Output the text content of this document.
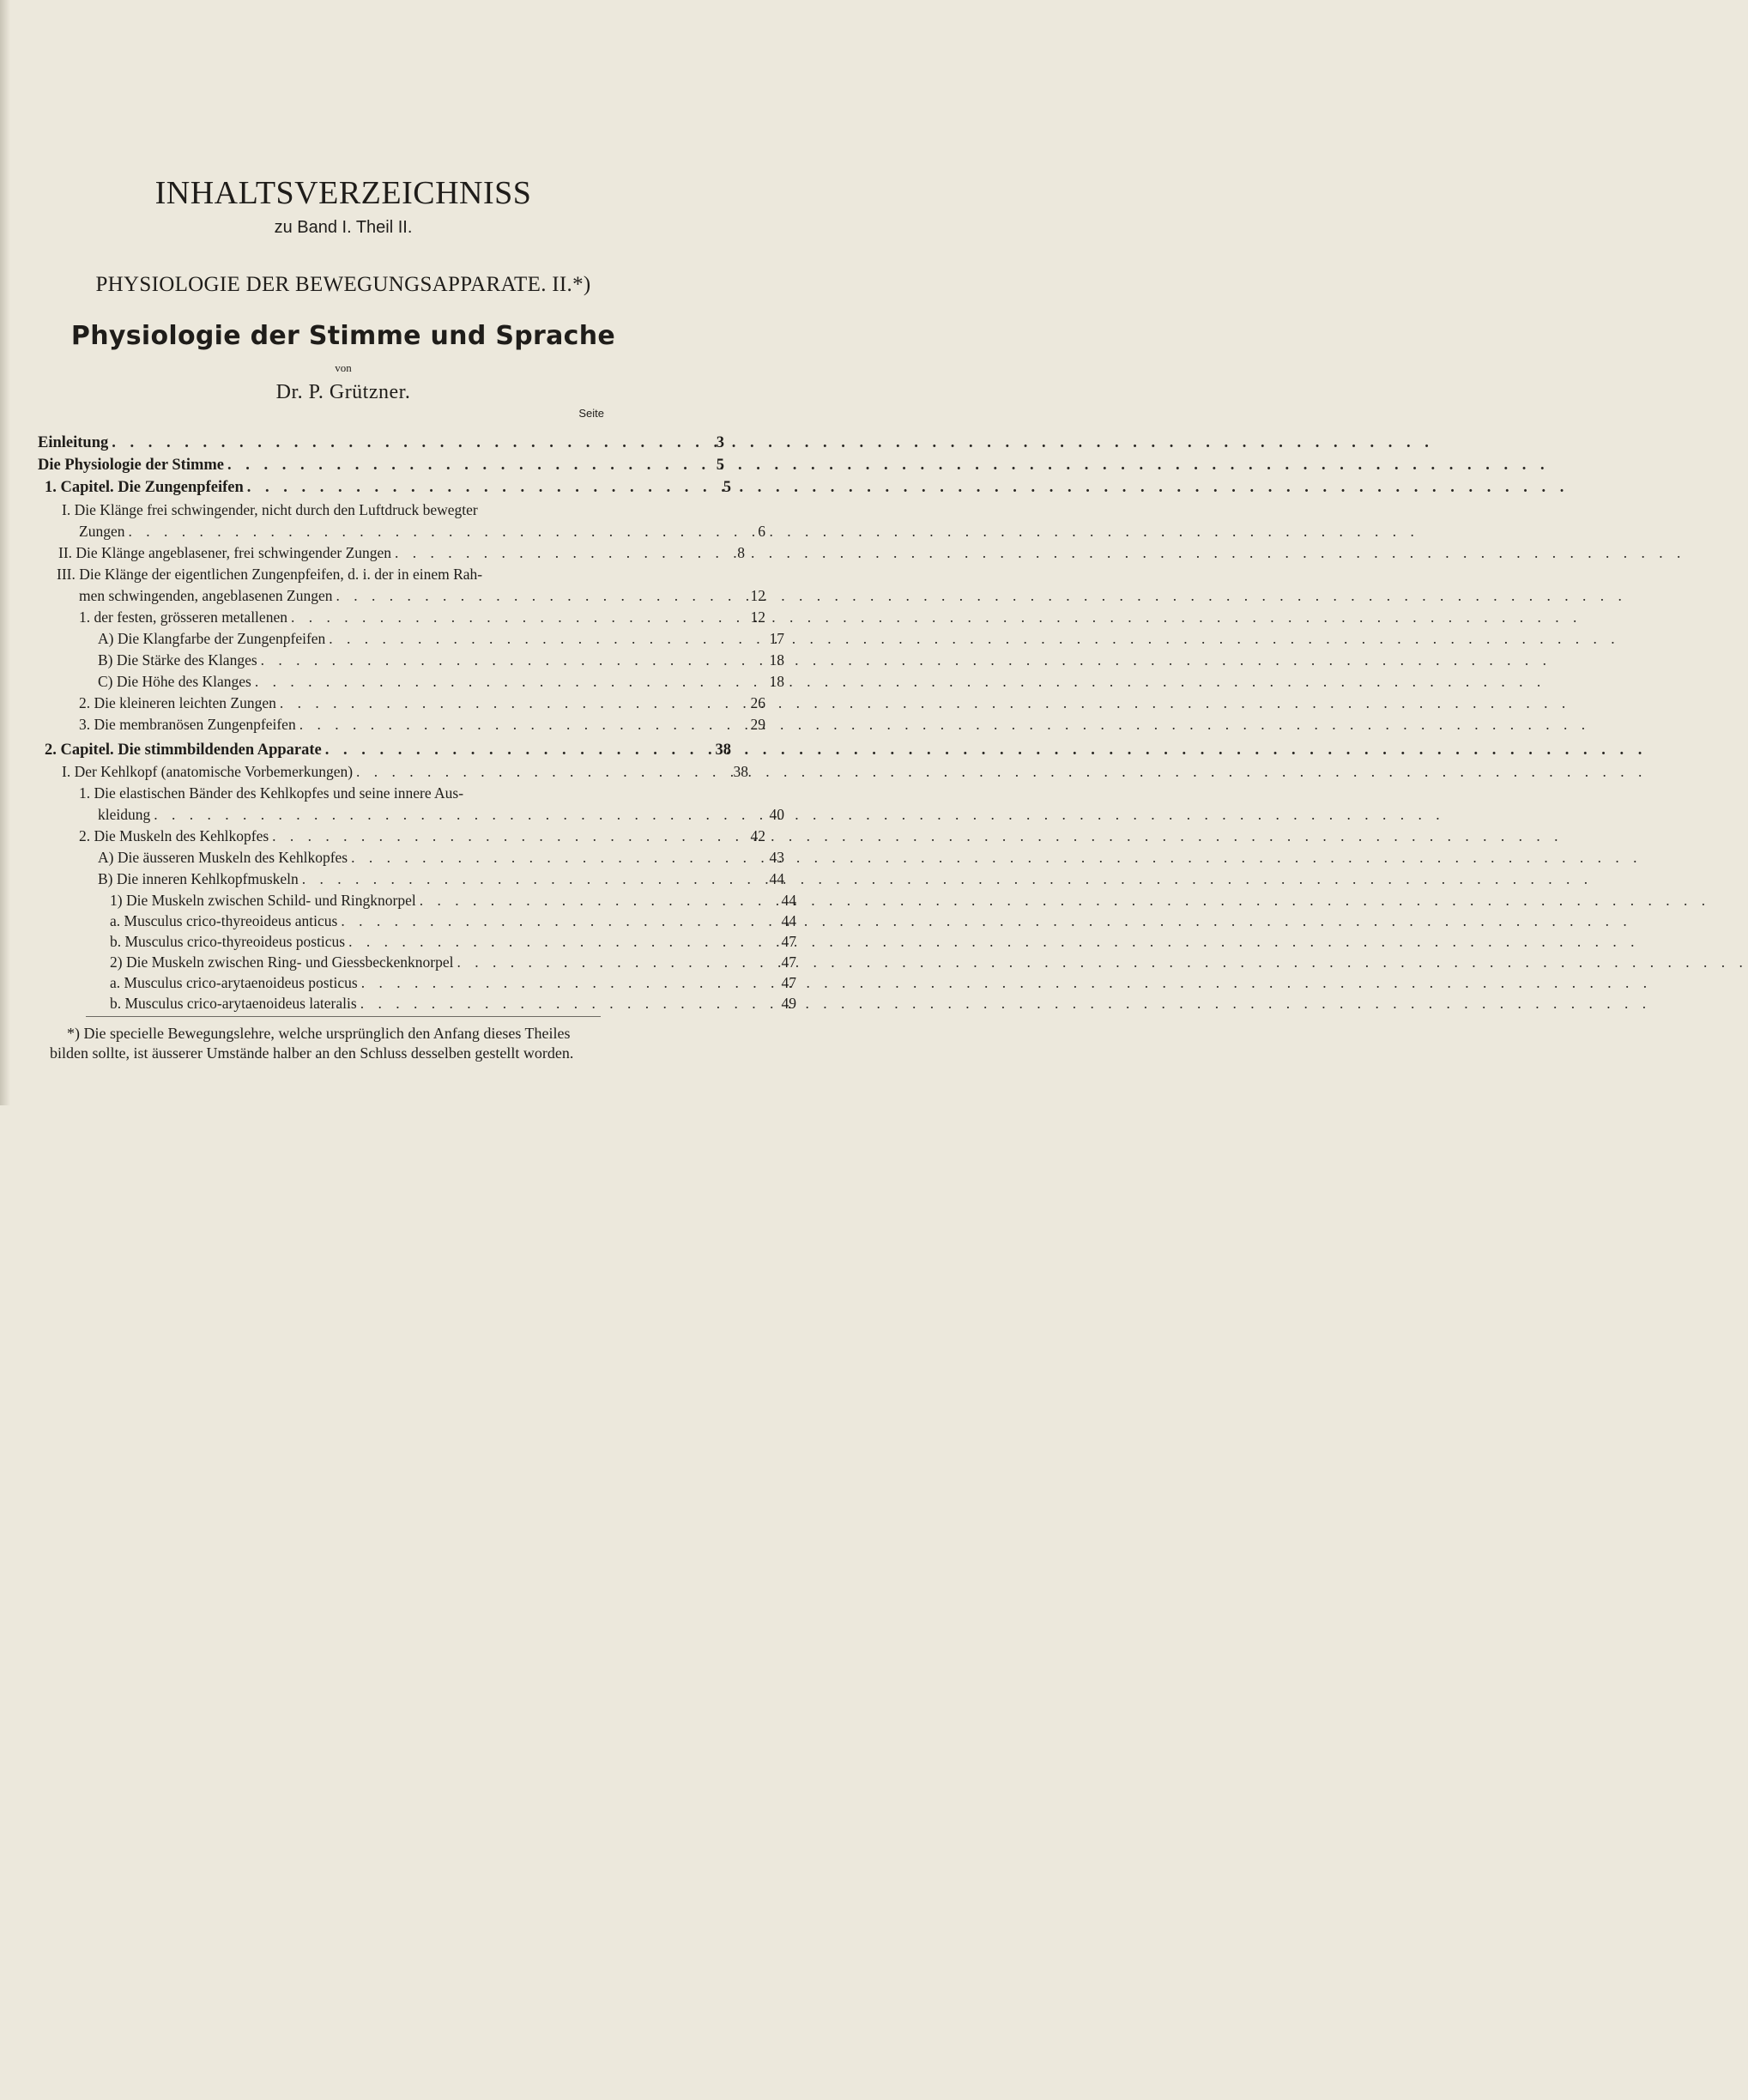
INHALTSVERZEICHNISS
zu Band I. Theil II.
PHYSIOLOGIE DER BEWEGUNGSAPPARATE. II.*)
Physiologie der Stimme und Sprache
von
Dr. P. Grützner.
Seite
Einleitung . . .	3
Die Physiologie der Stimme . . .	5
1. Capitel. Die Zungenpfeifen . . .	5
I. Die Klänge frei schwingender, nicht durch den Luftdruck bewegter
Zungen . . .	6
II. Die Klänge angeblasener, frei schwingender Zungen . . .	8
III. Die Klänge der eigentlichen Zungenpfeifen, d. i. der in einem Rah-
men schwingenden, angeblasenen Zungen . . .	12
1. der festen, grösseren metallenen . . .	12
A) Die Klangfarbe der Zungenpfeifen . . .	17
B) Die Stärke des Klanges . . .	18
C) Die Höhe des Klanges . . .	18
2. Die kleineren leichten Zungen . . .	26
3. Die membranösen Zungenpfeifen . . .	29
2. Capitel. Die stimmbildenden Apparate . . .	38
I. Der Kehlkopf (anatomische Vorbemerkungen) . . .	38
1. Die elastischen Bänder des Kehlkopfes und seine innere Aus-
kleidung . . .	40
2. Die Muskeln des Kehlkopfes . . .	42
A) Die äusseren Muskeln des Kehlkopfes . . .	43
B) Die inneren Kehlkopfmuskeln . . .	44
1) Die Muskeln zwischen Schild- und Ringknorpel . . .	44
a. Musculus crico-thyreoideus anticus . . .	44
b. Musculus crico-thyreoideus posticus . . .	47
2) Die Muskeln zwischen Ring- und Giessbeckenknorpel . . .	47
a. Musculus crico-arytaenoideus posticus . . .	47
b. Musculus crico-arytaenoideus lateralis . . .	49
*) Die specielle Bewegungslehre, welche ursprünglich den Anfang dieses Theiles
bilden sollte, ist äusserer Umstände halber an den Schluss desselben gestellt worden.
